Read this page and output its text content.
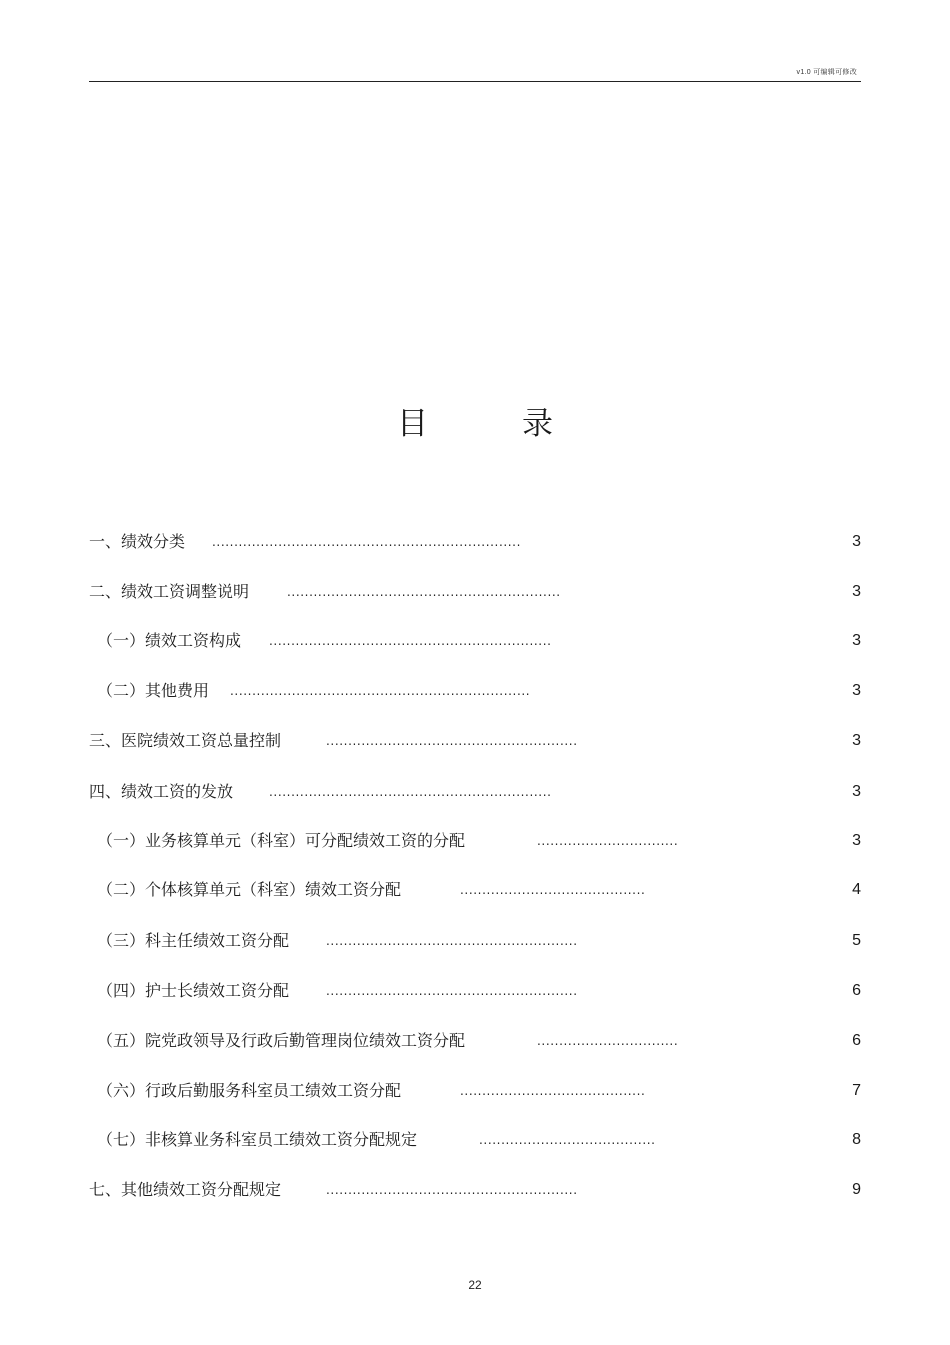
v1.0 可编辑可修改
目	录
一、绩效分类 ......................................................................	3
二、绩效工资调整说明	..............................................................	3
（一）绩效工资构成 ................................................................	3
（二）其他费用 ....................................................................	3
三、医院绩效工资总量控制	.........................................................	3
四、绩效工资的发放	................................................................	3
（一）业务核算单元（科室）可分配绩效工资的分配	................................	3
（二）个体核算单元（科室）绩效工资分配	..........................................	4
（三）科主任绩效工资分配	.........................................................	5
（四）护士长绩效工资分配	.........................................................	6
（五）院党政领导及行政后勤管理岗位绩效工资分配	................................	6
（六）行政后勤服务科室员工绩效工资分配	..........................................	7
（七）非核算业务科室员工绩效工资分配规定	........................................	8
七、其他绩效工资分配规定	.........................................................	9
22
